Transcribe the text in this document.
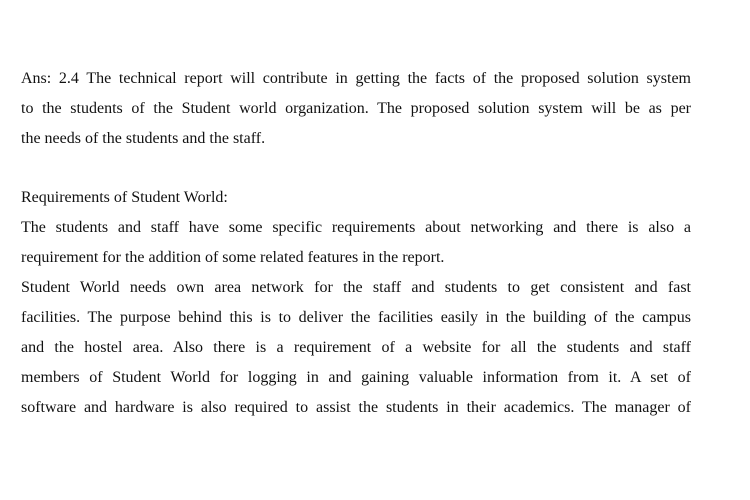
Ans: 2.4 The technical report will contribute in getting the facts of the proposed solution system
to the students of the Student world organization. The proposed solution system will be as per
the needs of the students and the staff.

Requirements of Student World:
The students and staff have some specific requirements about networking and there is also a
requirement for the addition of some related features in the report.
Student World needs own area network for the staff and students to get consistent and fast
facilities. The purpose behind this is to deliver the facilities easily in the building of the campus
and the hostel area. Also there is a requirement of a website for all the students and staff
members of Student World for logging in and gaining valuable information from it. A set of
software and hardware is also required to assist the students in their academics. The manager of
